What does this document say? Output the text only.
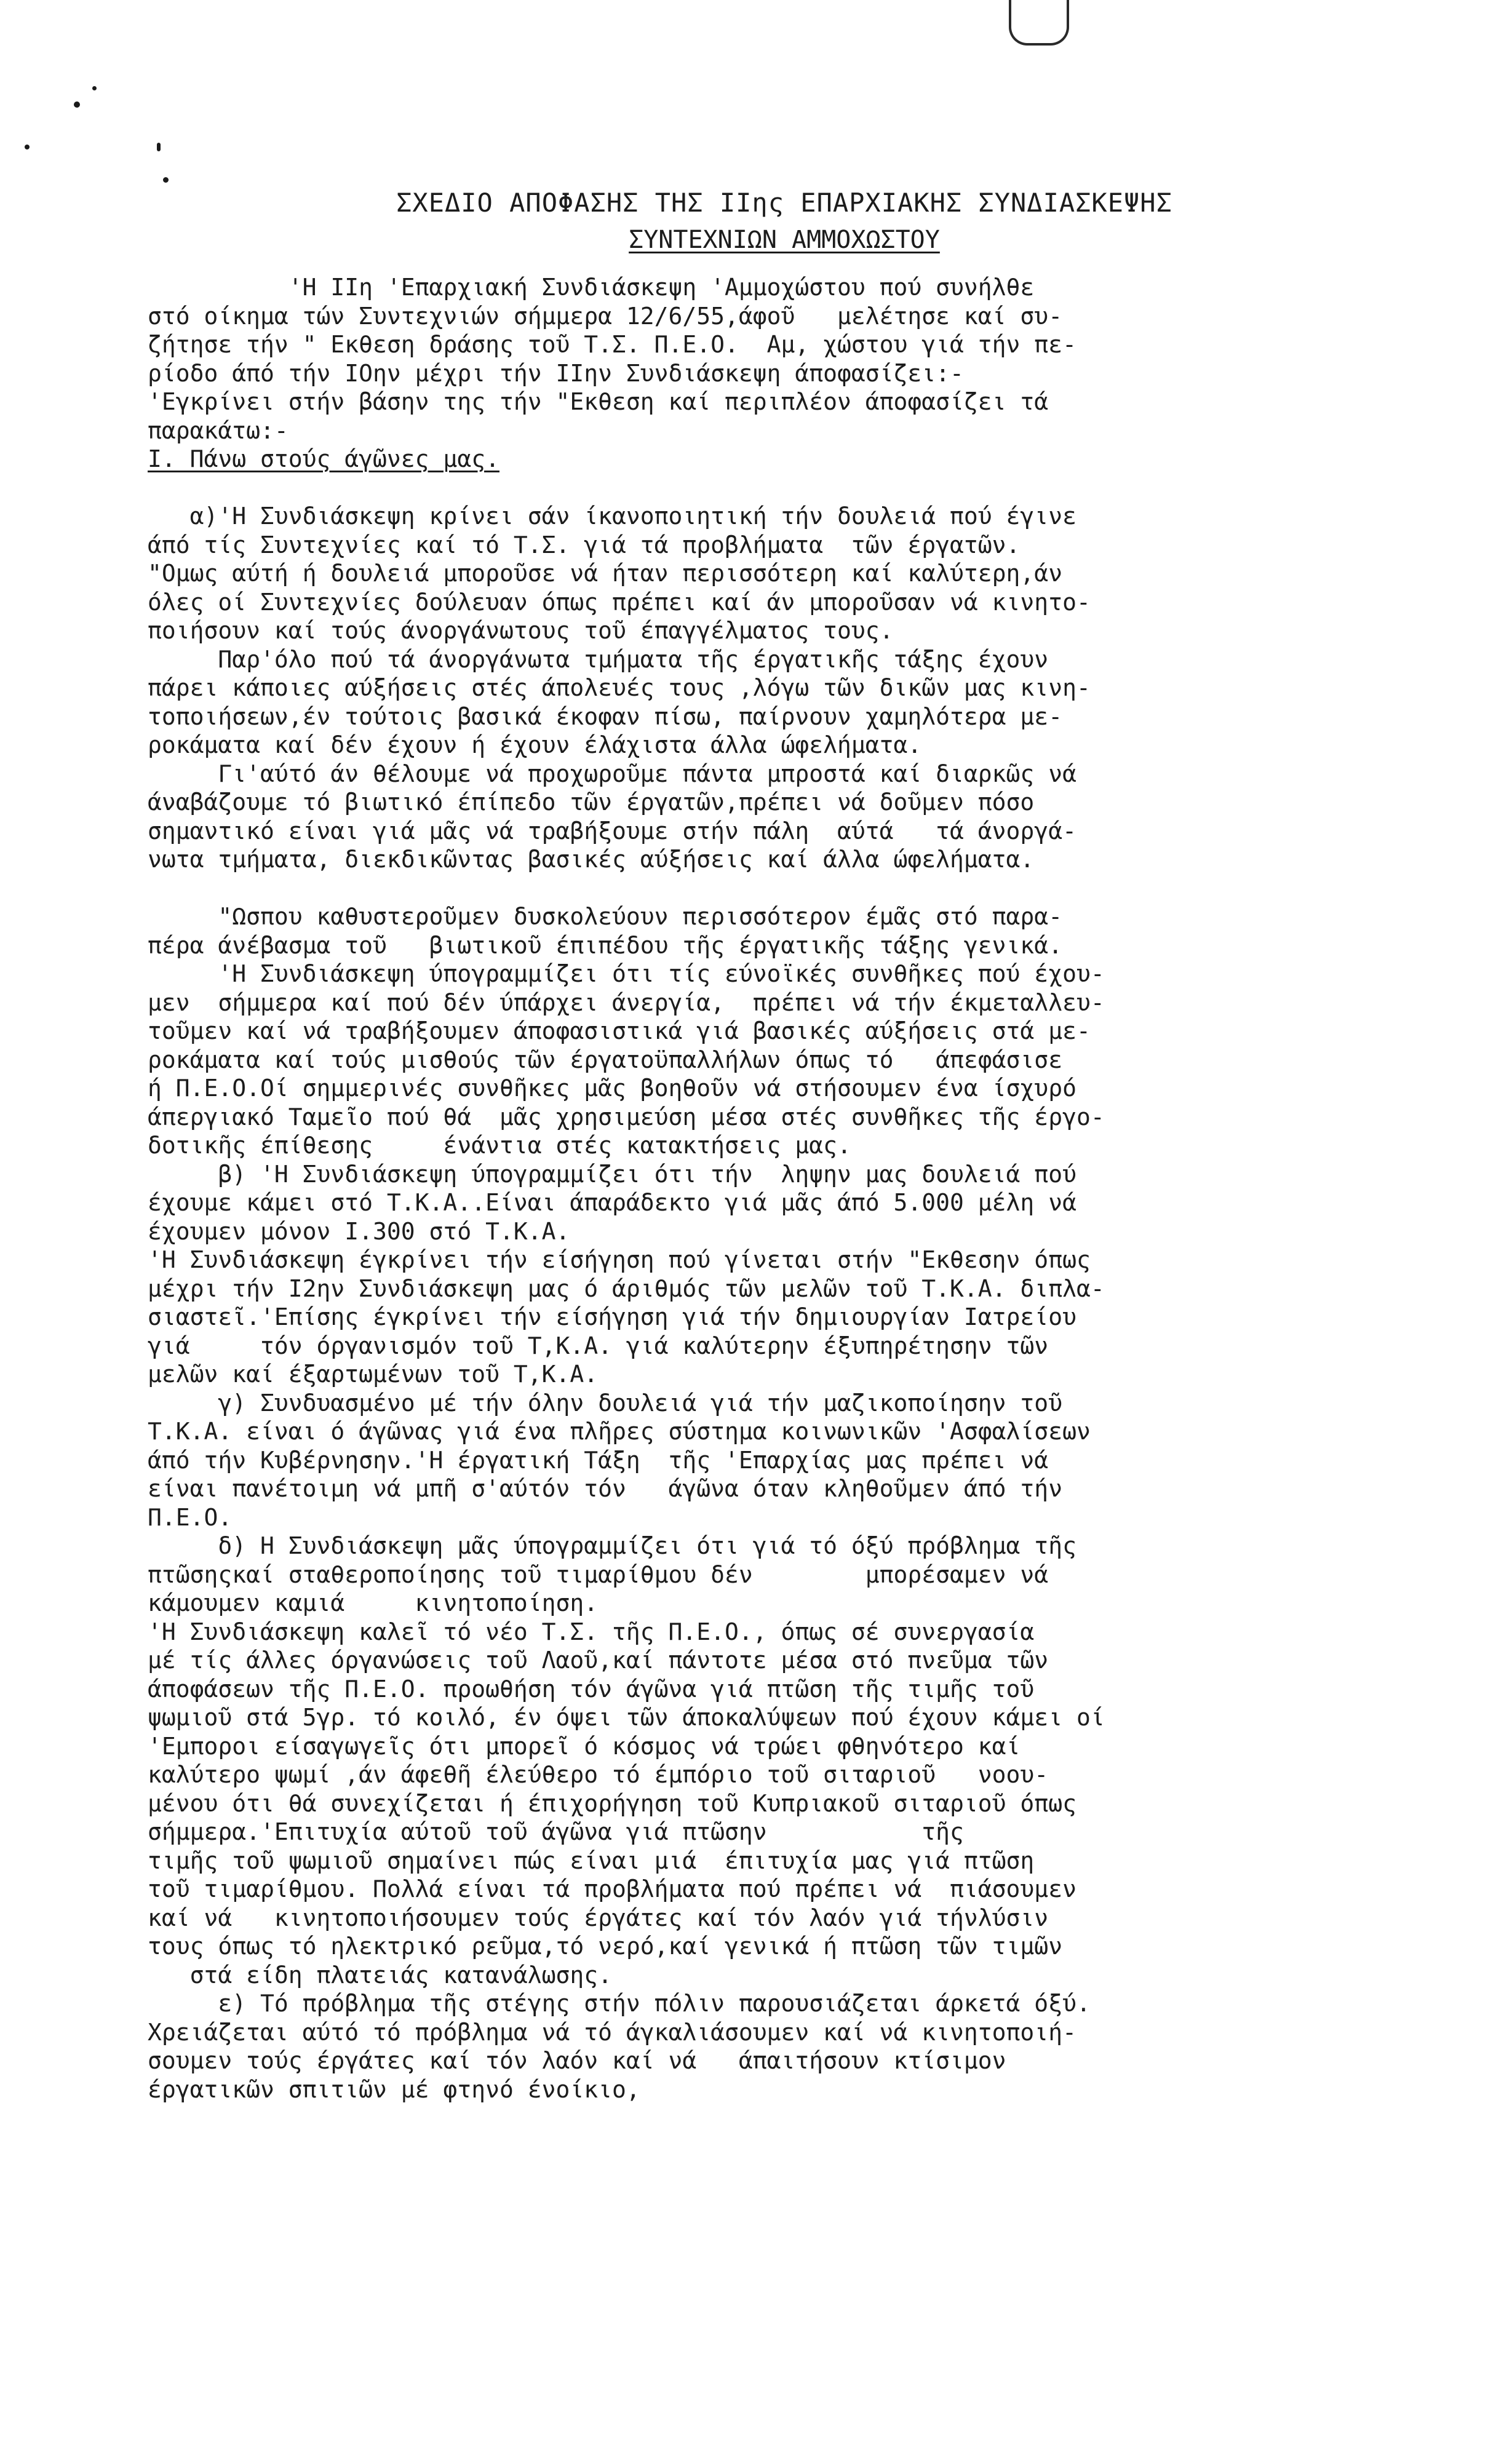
ΣΧΕΔΙΟ ΑΠΟΦΑΣΗΣ ΤΗΣ IIης ΕΠΑΡΧΙΑΚΗΣ ΣΥΝΔΙΑΣΚΕΨΗΣ
ΣΥΝΤΕΧΝΙΩΝ ΑΜΜΟΧΩΣΤΟΥ
'Η IIη 'Επαρχιακή Συνδιάσκεψη 'Αμμοχώστου πού συνήλθε
στό οίκημα τών Συντεχνιών σήμμερα 12/6/55,άφοῦ   μελέτησε καί συ-
ζήτησε τήν " Εκθεση δράσης τοῦ Τ.Σ. Π.Ε.Ο.  Αμ, χώστου γιά τήν πε-
ρίοδο άπό τήν IΟην μέχρι τήν IIην Συνδιάσκεψη άποφασίζει:-
'Εγκρίνει στήν βάσην της τήν "Εκθεση καί περιπλέον άποφασίζει τά
παρακάτω:-
Ι. Πάνω στούς άγῶνες μας.
α)'Η Συνδιάσκεψη κρίνει σάν ίκανοποιητική τήν δουλειά πού έγινε
άπό τίς Συντεχνίες καί τό Τ.Σ. γιά τά προβλήματα  τῶν έργατῶν.
"Ομως αύτή ή δουλειά μποροῦσε νά ήταν περισσότερη καί καλύτερη,άν
όλες οί Συντεχνίες δούλευαν όπως πρέπει καί άν μποροῦσαν νά κινητο-
ποιήσουν καί τούς άνοργάνωτους τοῦ έπαγγέλματος τους.
Παρ'όλο πού τά άνοργάνωτα τμήματα τῆς έργατικῆς τάξης έχουν
πάρει κάποιες αύξήσεις στές άπολευές τους ,λόγω τῶν δικῶν μας κινη-
τοποιήσεων,έν τούτοις βασικά έκοφαν πίσω, παίρνουν χαμηλότερα με-
ροκάματα καί δέν έχουν ή έχουν έλάχιστα άλλα ώφελήματα.
Γι'αύτό άν θέλουμε νά προχωροῦμε πάντα μπροστά καί διαρκῶς νά
άναβάζουμε τό βιωτικό έπίπεδο τῶν έργατῶν,πρέπει νά δοῦμεν πόσο
σημαντικό είναι γιά μᾶς νά τραβήξουμε στήν πάλη  αύτά   τά άνοργά-
νωτα τμήματα, διεκδικῶντας βασικές αύξήσεις καί άλλα ώφελήματα.
"Ωσπου καθυστεροῦμεν δυσκολεύουν περισσότερον έμᾶς στό παρα-
πέρα άνέβασμα τοῦ   βιωτικοῦ έπιπέδου τῆς έργατικῆς τάξης γενικά.
'Η Συνδιάσκεψη ύπογραμμίζει ότι τίς εύνοϊκές συνθῆκες πού έχου-
μεν  σήμμερα καί πού δέν ύπάρχει άνεργία,  πρέπει νά τήν έκμεταλλευ-
τοῦμεν καί νά τραβήξουμεν άποφασιστικά γιά βασικές αύξήσεις στά με-
ροκάματα καί τούς μισθούς τῶν έργατοϋπαλλήλων όπως τό   άπεφάσισε
ή Π.Ε.Ο.Οί σημμερινές συνθῆκες μᾶς βοηθοῦν νά στήσουμεν ένα ίσχυρό
άπεργιακό Ταμεῖο πού θά  μᾶς χρησιμεύση μέσα στές συνθῆκες τῆς έργο-
δοτικῆς έπίθεσης     ένάντια στές κατακτήσεις μας.
β) 'Η Συνδιάσκεψη ύπογραμμίζει ότι τήν  ληψην μας δουλειά πού
έχουμε κάμει στό Τ.Κ.Α..Είναι άπαράδεκτο γιά μᾶς άπό 5.000 μέλη νά
έχουμεν μόνον I.300 στό Τ.Κ.Α.
'Η Συνδιάσκεψη έγκρίνει τήν είσήγηση πού γίνεται στήν "Εκθεσην όπως
μέχρι τήν I2ην Συνδιάσκεψη μας ό άριθμός τῶν μελῶν τοῦ Τ.Κ.Α. διπλα-
σιαστεῖ.'Επίσης έγκρίνει τήν είσήγηση γιά τήν δημιουργίαν Ιατρείου
γιά     τόν όργανισμόν τοῦ Τ,Κ.Α. γιά καλύτερην έξυπηρέτησην τῶν
μελῶν καί έξαρτωμένων τοῦ Τ,Κ.Α.
γ) Συνδυασμένο μέ τήν όλην δουλειά γιά τήν μαζικοποίησην τοῦ
Τ.Κ.Α. είναι ό άγῶνας γιά ένα πλῆρες σύστημα κοινωνικῶν 'Ασφαλίσεων
άπό τήν Κυβέρνησην.'Η έργατική Τάξη  τῆς 'Επαρχίας μας πρέπει νά
είναι πανέτοιμη νά μπῆ σ'αύτόν τόν   άγῶνα όταν κληθοῦμεν άπό τήν
Π.Ε.Ο.
δ) Η Συνδιάσκεψη μᾶς ύπογραμμίζει ότι γιά τό όξύ πρόβλημα τῆς
πτῶσηςκαί σταθεροποίησης τοῦ τιμαρίθμου δέν        μπορέσαμεν νά
κάμουμεν καμιά     κινητοποίηση.
'Η Συνδιάσκεψη καλεῖ τό νέο Τ.Σ. τῆς Π.Ε.Ο., όπως σέ συνεργασία
μέ τίς άλλες όργανώσεις τοῦ Λαοῦ,καί πάντοτε μέσα στό πνεῦμα τῶν
άποφάσεων τῆς Π.Ε.Ο. προωθήση τόν άγῶνα γιά πτῶση τῆς τιμῆς τοῦ
ψωμιοῦ στά 5γρ. τό κοιλό, έν όψει τῶν άποκαλύψεων πού έχουν κάμει οί
'Εμποροι είσαγωγεῖς ότι μπορεῖ ό κόσμος νά τρώει φθηνότερο καί
καλύτερο ψωμί ,άν άφεθῆ έλεύθερο τό έμπόριο τοῦ σιταριοῦ   νοου-
μένου ότι θά συνεχίζεται ή έπιχορήγηση τοῦ Κυπριακοῦ σιταριοῦ όπως
σήμμερα.'Επιτυχία αύτοῦ τοῦ άγῶνα γιά πτῶσην           τῆς
τιμῆς τοῦ ψωμιοῦ σημαίνει πώς είναι μιά  έπιτυχία μας γιά πτῶση
τοῦ τιμαρίθμου. Πολλά είναι τά προβλήματα πού πρέπει νά  πιάσουμεν
καί νά   κινητοποιήσουμεν τούς έργάτες καί τόν λαόν γιά τήνλύσιν
τους όπως τό ηλεκτρικό ρεῦμα,τό νερό,καί γενικά ή πτῶση τῶν τιμῶν
στά είδη πλατειάς κατανάλωσης.
ε) Τό πρόβλημα τῆς στέγης στήν πόλιν παρουσιάζεται άρκετά όξύ.
Χρειάζεται αύτό τό πρόβλημα νά τό άγκαλιάσουμεν καί νά κινητοποιή-
σουμεν τούς έργάτες καί τόν λαόν καί νά   άπαιτήσουν κτίσιμον
έργατικῶν σπιτιῶν μέ φτηνό ένοίκιο,
